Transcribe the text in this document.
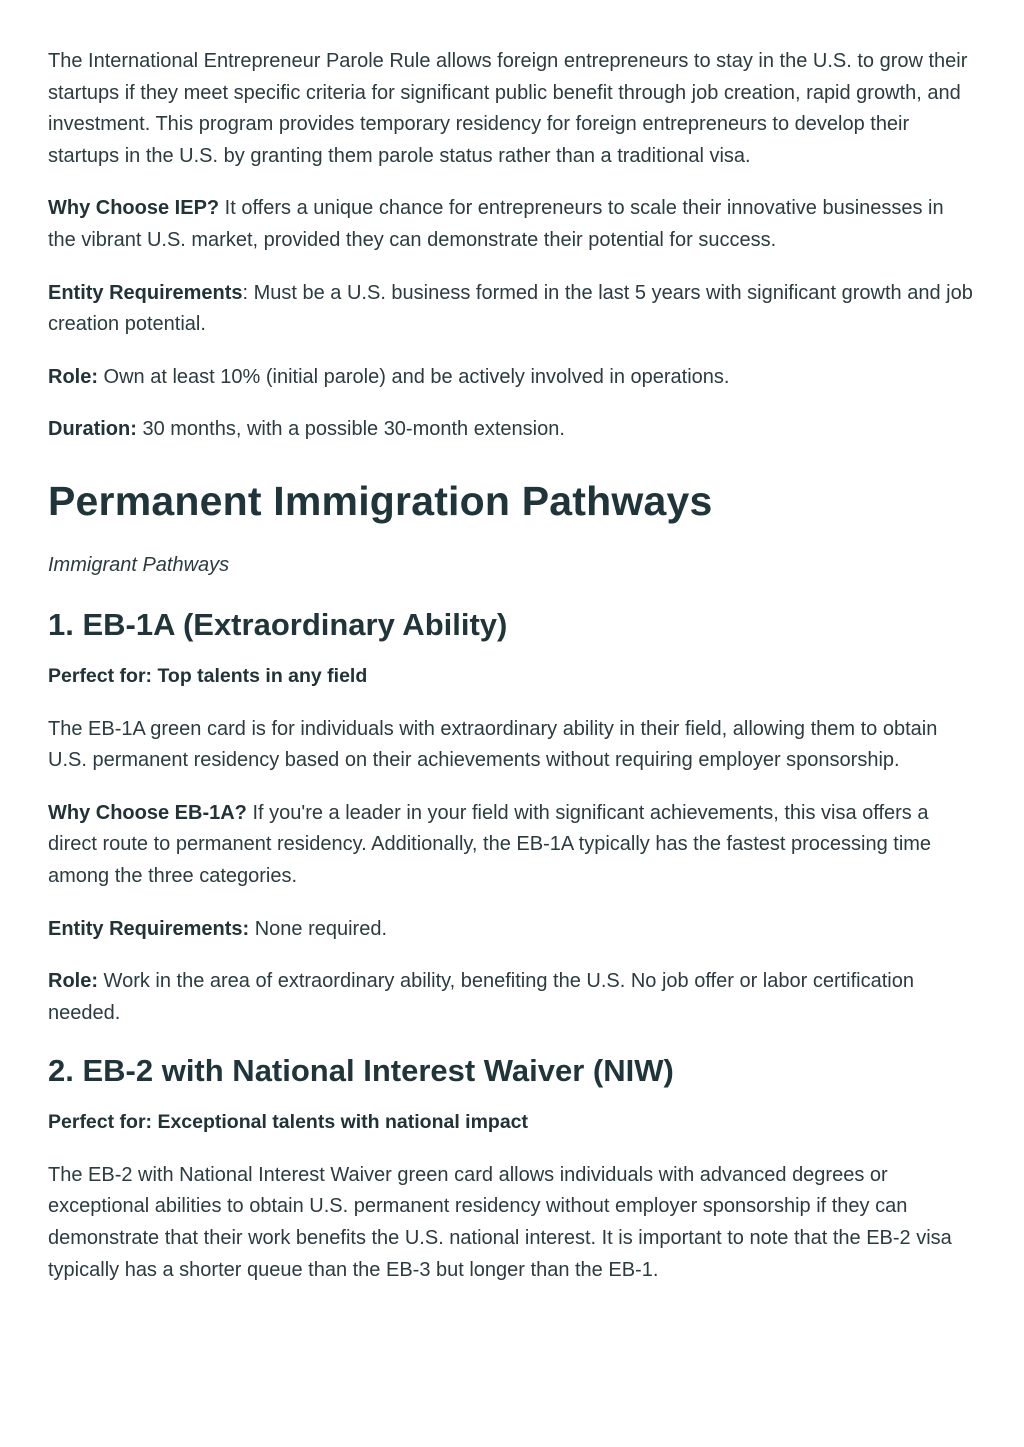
The International Entrepreneur Parole Rule allows foreign entrepreneurs to stay in the U.S. to grow their startups if they meet specific criteria for significant public benefit through job creation, rapid growth, and investment. This program provides temporary residency for foreign entrepreneurs to develop their startups in the U.S. by granting them parole status rather than a traditional visa.

Why Choose IEP? It offers a unique chance for entrepreneurs to scale their innovative businesses in the vibrant U.S. market, provided they can demonstrate their potential for success.

Entity Requirements: Must be a U.S. business formed in the last 5 years with significant growth and job creation potential.

Role: Own at least 10% (initial parole) and be actively involved in operations.

Duration: 30 months, with a possible 30-month extension.

Permanent Immigration Pathways

Immigrant Pathways

1. EB-1A (Extraordinary Ability)

Perfect for: Top talents in any field

The EB-1A green card is for individuals with extraordinary ability in their field, allowing them to obtain U.S. permanent residency based on their achievements without requiring employer sponsorship.

Why Choose EB-1A? If you're a leader in your field with significant achievements, this visa offers a direct route to permanent residency. Additionally, the EB-1A typically has the fastest processing time among the three categories.

Entity Requirements: None required.

Role: Work in the area of extraordinary ability, benefiting the U.S. No job offer or labor certification needed.

2. EB-2 with National Interest Waiver (NIW)

Perfect for: Exceptional talents with national impact

The EB-2 with National Interest Waiver green card allows individuals with advanced degrees or exceptional abilities to obtain U.S. permanent residency without employer sponsorship if they can demonstrate that their work benefits the U.S. national interest. It is important to note that the EB-2 visa typically has a shorter queue than the EB-3 but longer than the EB-1.
